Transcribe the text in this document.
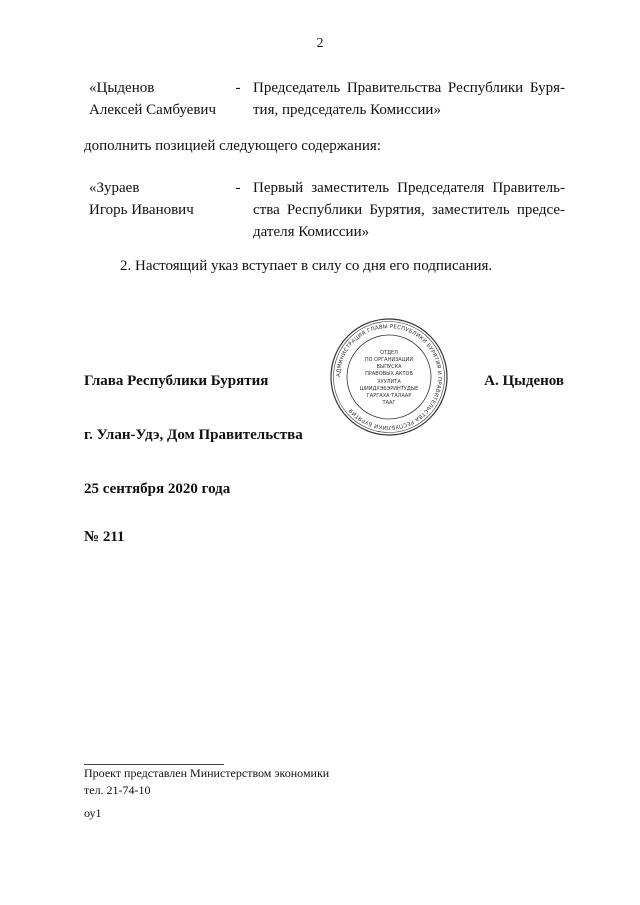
2
«Цыденов
Алексей Самбуевич
- Председатель Правительства Республики Буря-
тия, председатель Комиссии»
дополнить позицией следующего содержания:
«Зураев
Игорь Иванович
- Первый заместитель Председателя Правитель-
ства Республики Бурятия, заместитель предсе-
дателя Комиссии»
2. Настоящий указ вступает в силу со дня его подписания.
АДМИНИСТРАЦИЯ ГЛАВЫ РЕСПУБЛИКИ БУРЯТИЯ И ПРАВИТЕЛЬСТВА РЕСПУБЛИКИ БУРЯТИЯ
ОТДЕЛ
ПО ОРГАНИЗАЦИИ
ВЫПУСКА
ПРАВОВЫХ АКТОВ
ХУУЛИТА
ШИИДХЭБЭРИНТУДЫЕ
ГАРГАХА ТАЛААР
ТААГ
Глава Республики Бурятия	А. Цыденов
г. Улан-Удэ, Дом Правительства
25 сентября 2020 года
№ 211
Проект представлен Министерством экономики
тел. 21-74-10
оу1
